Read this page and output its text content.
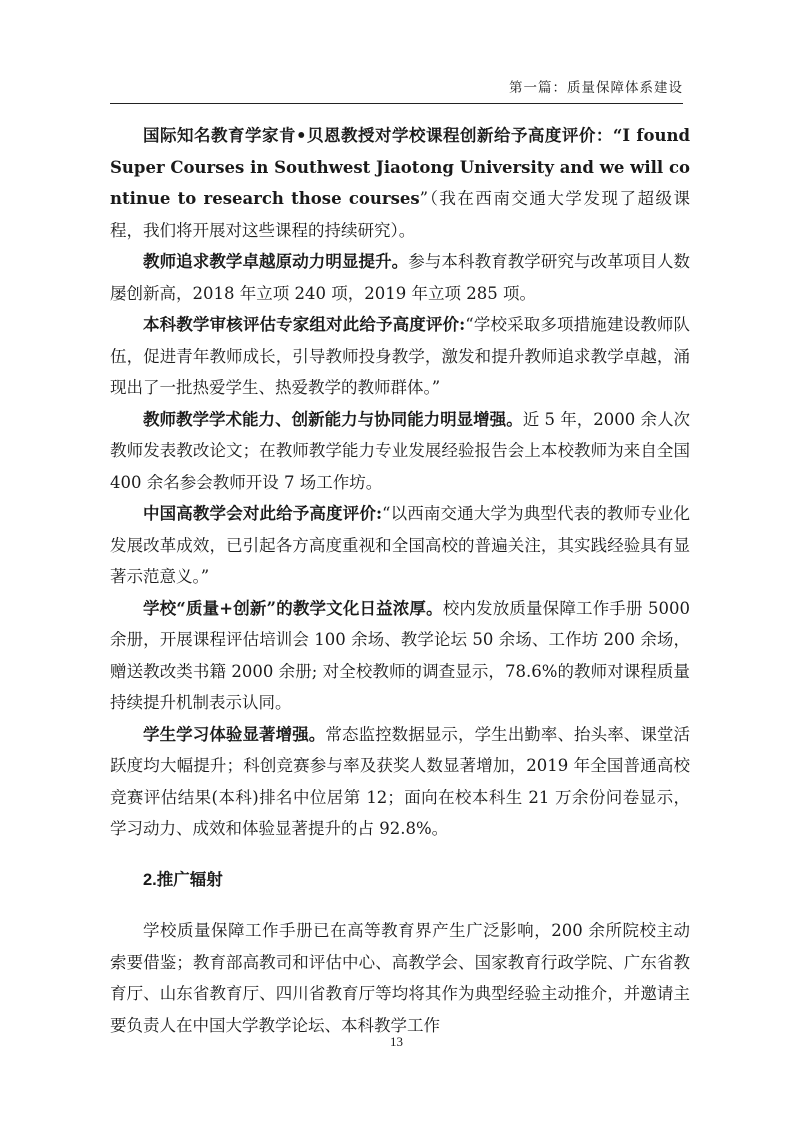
第一篇：质量保障体系建设

国际知名教育学家肯•贝恩教授对学校课程创新给予高度评价：“I found Super Courses in Southwest Jiaotong University and we will continue to research those courses”（我在西南交通大学发现了超级课程，我们将开展对这些课程的持续研究）。

教师追求教学卓越原动力明显提升。参与本科教育教学研究与改革项目人数屡创新高，2018 年立项 240 项，2019 年立项 285 项。

本科教学审核评估专家组对此给予高度评价:“学校采取多项措施建设教师队伍，促进青年教师成长，引导教师投身教学，激发和提升教师追求教学卓越，涌现出了一批热爱学生、热爱教学的教师群体。”

教师教学学术能力、创新能力与协同能力明显增强。近 5 年，2000 余人次教师发表教改论文；在教师教学能力专业发展经验报告会上本校教师为来自全国 400 余名参会教师开设 7 场工作坊。

中国高教学会对此给予高度评价:“以西南交通大学为典型代表的教师专业化发展改革成效，已引起各方高度重视和全国高校的普遍关注，其实践经验具有显著示范意义。”

学校“质量+创新”的教学文化日益浓厚。校内发放质量保障工作手册 5000 余册，开展课程评估培训会 100 余场、教学论坛 50 余场、工作坊 200 余场，赠送教改类书籍 2000 余册; 对全校教师的调查显示，78.6%的教师对课程质量持续提升机制表示认同。

学生学习体验显著增强。常态监控数据显示，学生出勤率、抬头率、课堂活跃度均大幅提升；科创竞赛参与率及获奖人数显著增加，2019 年全国普通高校竞赛评估结果(本科)排名中位居第 12；面向在校本科生 21 万余份问卷显示，学习动力、成效和体验显著提升的占 92.8%。

2.推广辐射

学校质量保障工作手册已在高等教育界产生广泛影响，200 余所院校主动索要借鉴；教育部高教司和评估中心、高教学会、国家教育行政学院、广东省教育厅、山东省教育厅、四川省教育厅等均将其作为典型经验主动推介，并邀请主要负责人在中国大学教学论坛、本科教学工作

13
